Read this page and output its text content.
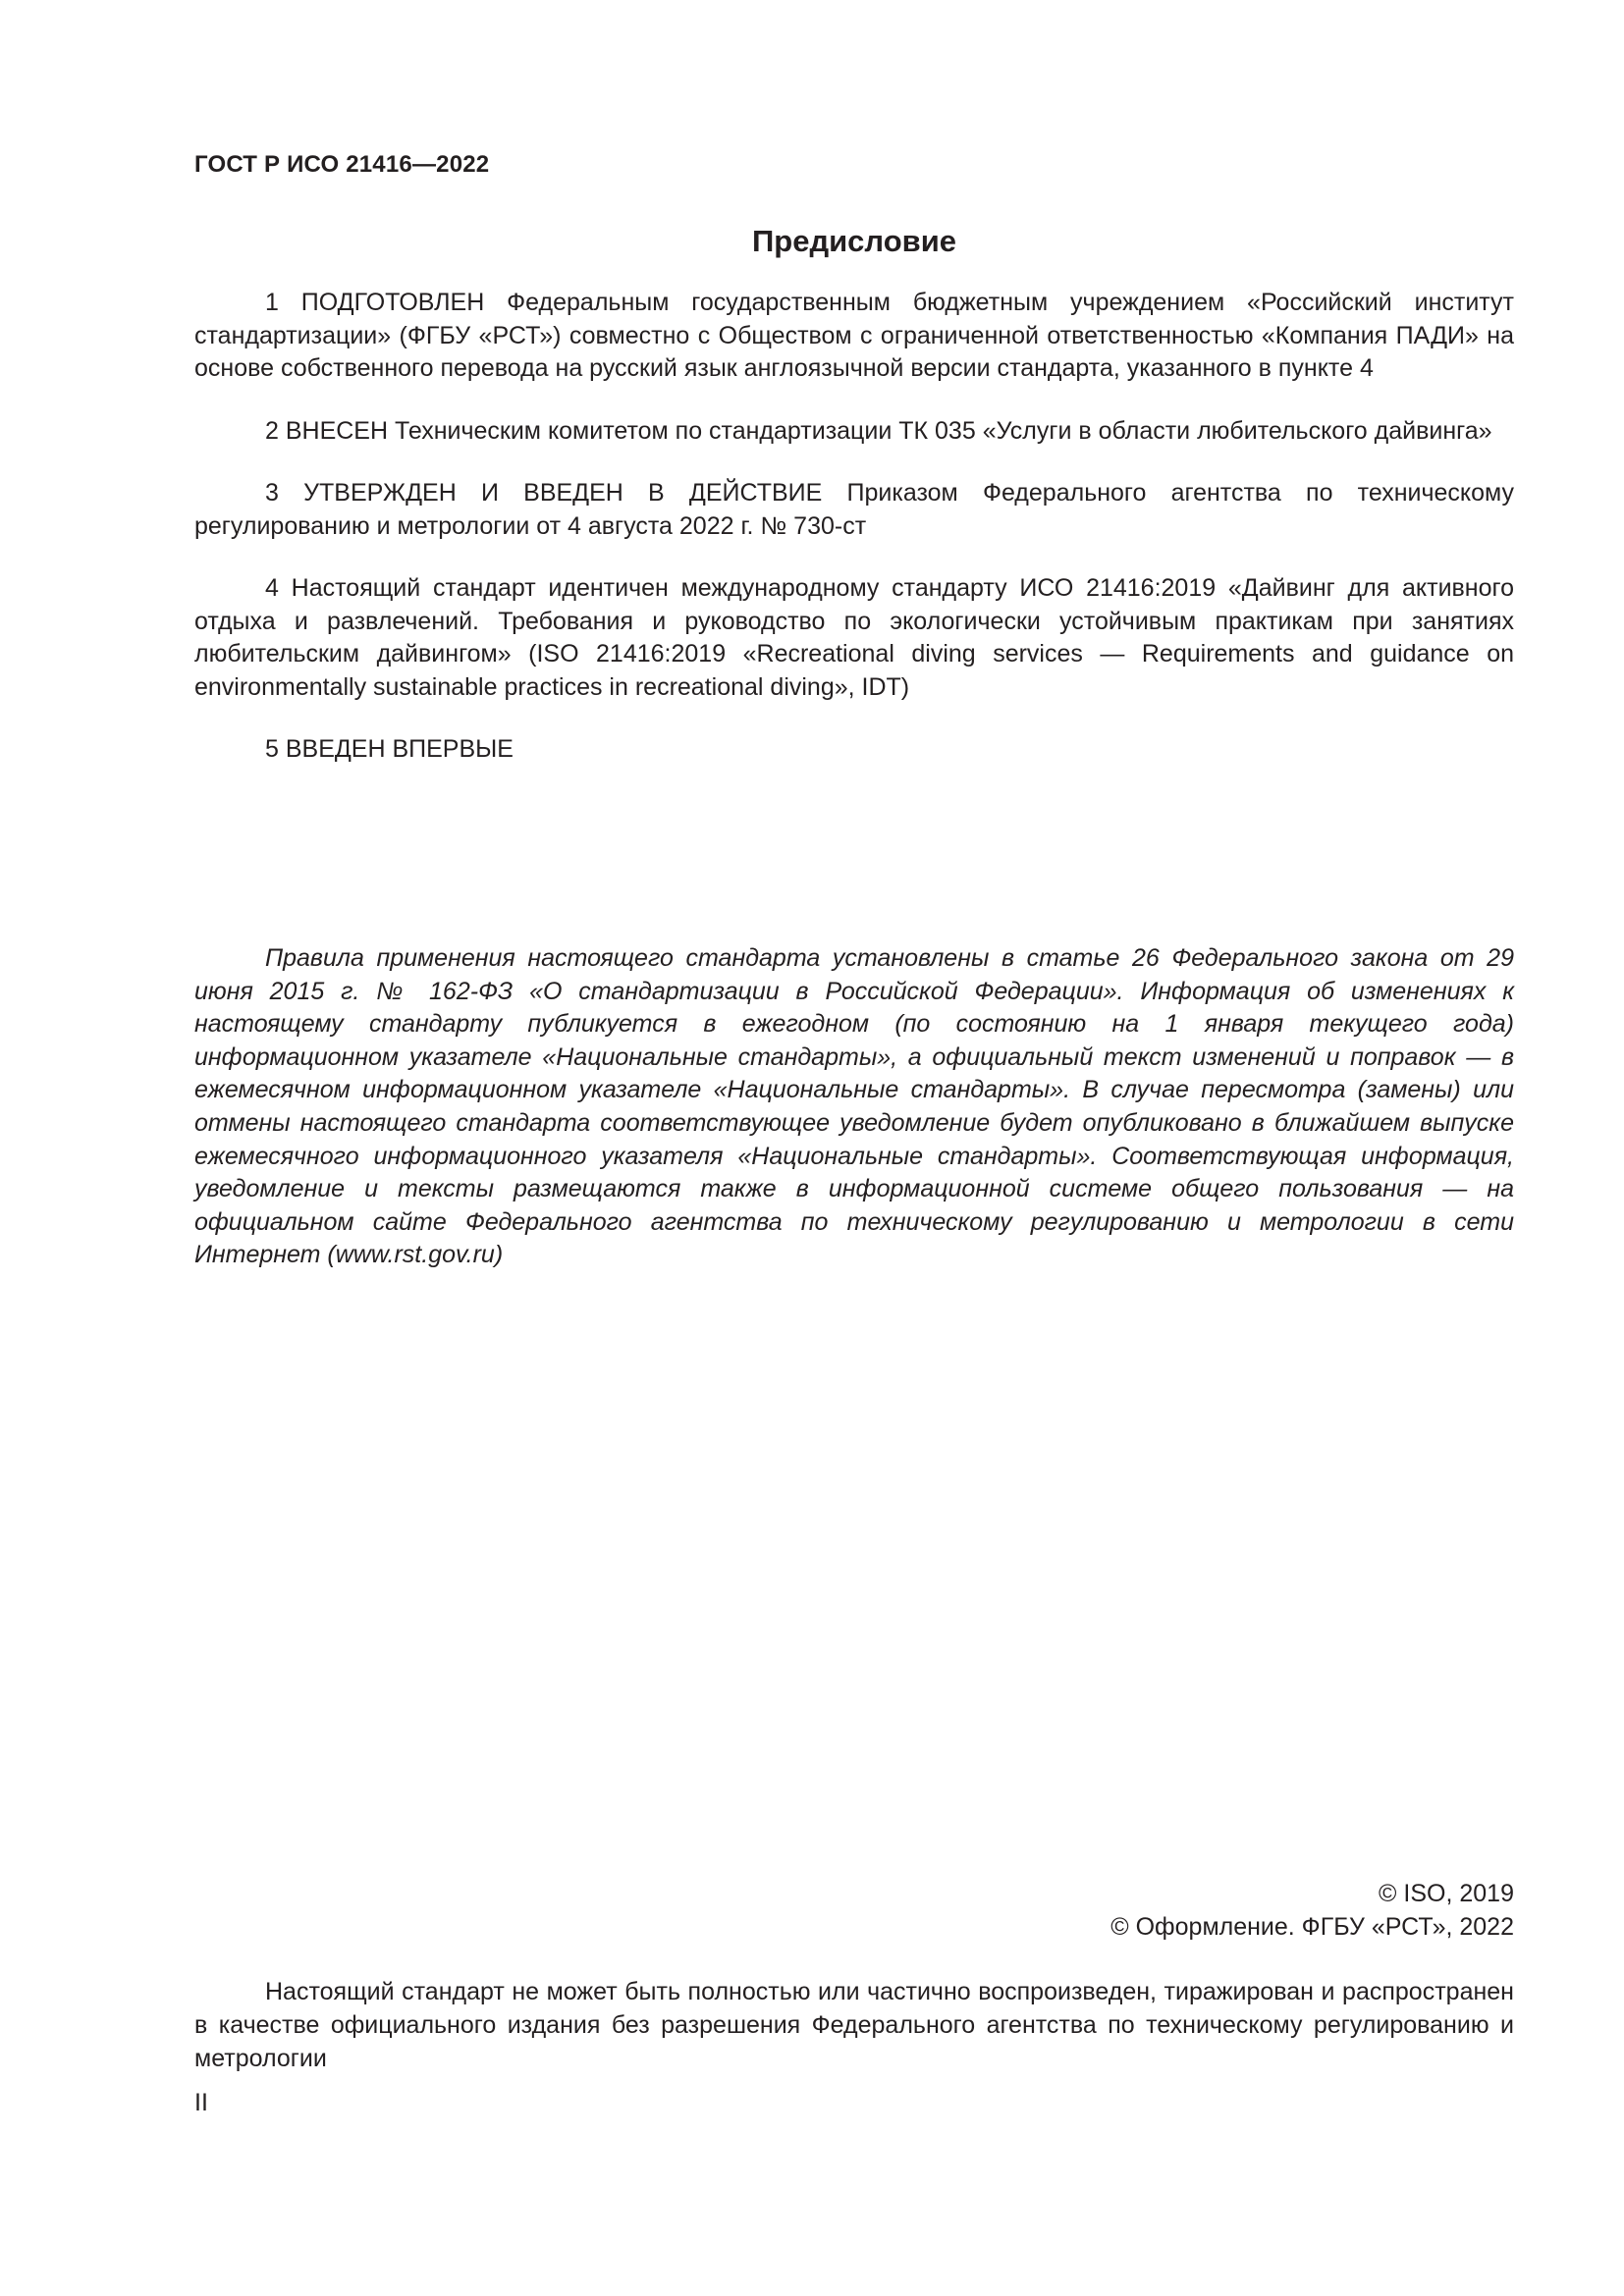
ГОСТ Р ИСО 21416—2022
Предисловие

1 ПОДГОТОВЛЕН Федеральным государственным бюджетным учреждением «Российский институт стандартизации» (ФГБУ «РСТ») совместно с Обществом с ограниченной ответственностью «Компания ПАДИ» на основе собственного перевода на русский язык англоязычной версии стандарта, указанного в пункте 4

2 ВНЕСЕН Техническим комитетом по стандартизации ТК 035 «Услуги в области любительского дайвинга»

3 УТВЕРЖДЕН И ВВЕДЕН В ДЕЙСТВИЕ Приказом Федерального агентства по техническому регулированию и метрологии от 4 августа 2022 г. № 730-ст

4 Настоящий стандарт идентичен международному стандарту ИСО 21416:2019 «Дайвинг для активного отдыха и развлечений. Требования и руководство по экологически устойчивым практикам при занятиях любительским дайвингом» (ISO 21416:2019 «Recreational diving services — Requirements and guidance on environmentally sustainable practices in recreational diving», IDT)

5 ВВЕДЕН ВПЕРВЫЕ

Правила применения настоящего стандарта установлены в статье 26 Федерального закона от 29 июня 2015 г. № 162-ФЗ «О стандартизации в Российской Федерации». Информация об изменениях к настоящему стандарту публикуется в ежегодном (по состоянию на 1 января текущего года) информационном указателе «Национальные стандарты», а официальный текст изменений и поправок — в ежемесячном информационном указателе «Национальные стандарты». В случае пересмотра (замены) или отмены настоящего стандарта соответствующее уведомление будет опубликовано в ближайшем выпуске ежемесячного информационного указателя «Национальные стандарты». Соответствующая информация, уведомление и тексты размещаются также в информационной системе общего пользования — на официальном сайте Федерального агентства по техническому регулированию и метрологии в сети Интернет (www.rst.gov.ru)

© ISO, 2019
© Оформление. ФГБУ «РСТ», 2022

Настоящий стандарт не может быть полностью или частично воспроизведен, тиражирован и распространен в качестве официального издания без разрешения Федерального агентства по техническому регулированию и метрологии

II
